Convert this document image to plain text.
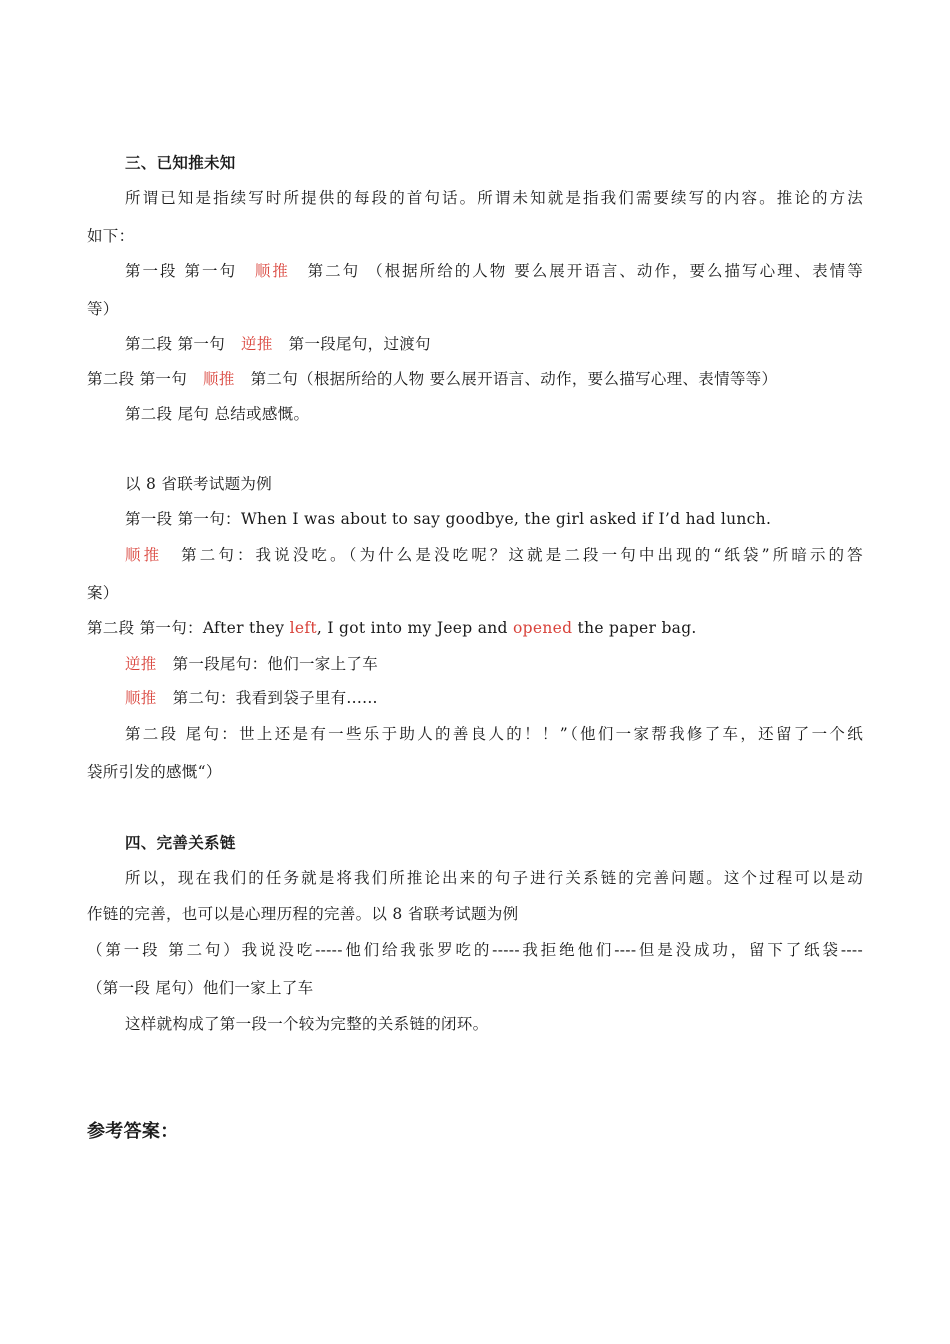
三、已知推未知
所谓已知是指续写时所提供的每段的首句话。所谓未知就是指我们需要续写的内容。推论的方法
如下：
第一段 第一句 顺推 第二句 （根据所给的人物 要么展开语言、动作，要么描写心理、表情等
等）
第二段 第一句 逆推 第一段尾句，过渡句
第二段 第一句 顺推 第二句（根据所给的人物 要么展开语言、动作，要么描写心理、表情等等）
第二段 尾句 总结或感慨。
以 8 省联考试题为例
第一段 第一句：When I was about to say goodbye, the girl asked if I’d had lunch.
顺推 第二句：我说没吃。（为什么是没吃呢？这就是二段一句中出现的“纸袋”所暗示的答
案）
第二段 第一句：After they left, I got into my Jeep and opened the paper bag.
逆推 第一段尾句：他们一家上了车
顺推 第二句：我看到袋子里有......
第二段 尾句：世上还是有一些乐于助人的善良人的！！”（他们一家帮我修了车，还留了一个纸
袋所引发的感慨“）
四、完善关系链
所以，现在我们的任务就是将我们所推论出来的句子进行关系链的完善问题。这个过程可以是动
作链的完善，也可以是心理历程的完善。以 8 省联考试题为例
（第一段 第二句）我说没吃-----他们给我张罗吃的-----我拒绝他们----但是没成功，留下了纸袋----
（第一段 尾句）他们一家上了车
这样就构成了第一段一个较为完整的关系链的闭环。
参考答案：
